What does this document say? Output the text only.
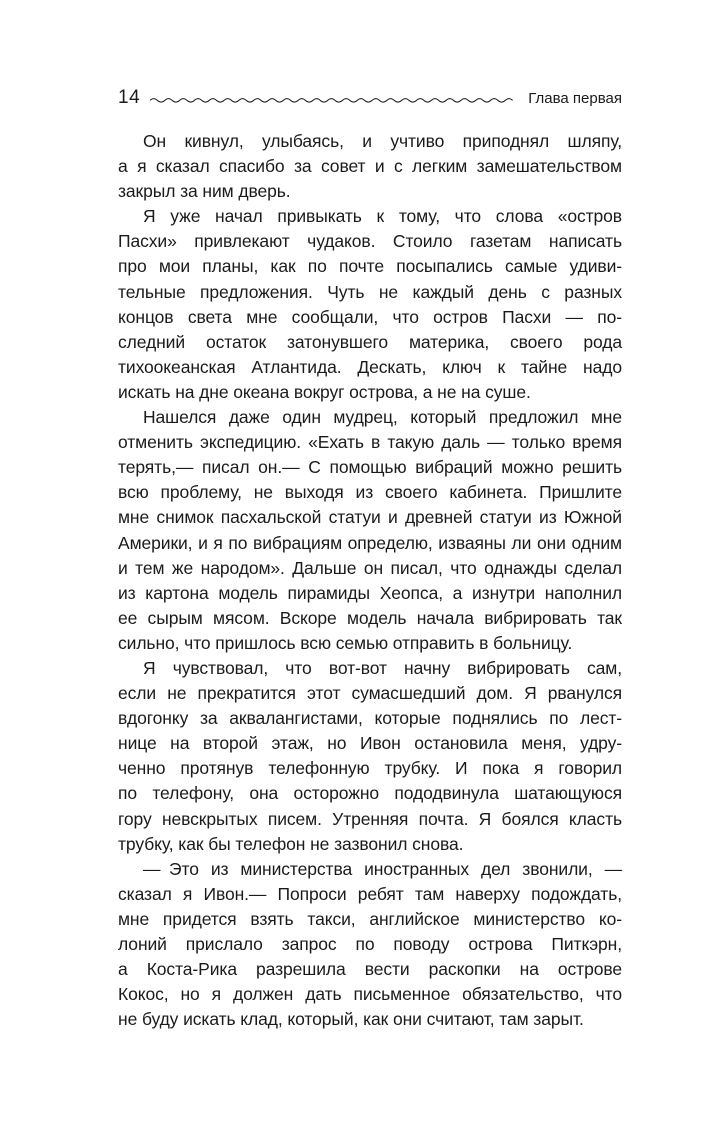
14	Глава первая
Он кивнул, улыбаясь, и учтиво приподнял шляпу,
а я сказал спасибо за совет и с легким замешательством
закрыл за ним дверь.
Я уже начал привыкать к тому, что слова «остров
Пасхи» привлекают чудаков. Стоило газетам написать
про мои планы, как по почте посыпались самые удиви-
тельные предложения. Чуть не каждый день с разных
концов света мне сообщали, что остров Пасхи — по-
следний остаток затонувшего материка, своего рода
тихоокеанская Атлантида. Дескать, ключ к тайне надо
искать на дне океана вокруг острова, а не на суше.
Нашелся даже один мудрец, который предложил мне
отменить экспедицию. «Ехать в такую даль — только время
терять,— писал он.— С помощью вибраций можно решить
всю проблему, не выходя из своего кабинета. Пришлите
мне снимок пасхальской статуи и древней статуи из Южной
Америки, и я по вибрациям определю, изваяны ли они одним
и тем же народом». Дальше он писал, что однажды сделал
из картона модель пирамиды Хеопса, а изнутри наполнил
ее сырым мясом. Вскоре модель начала вибрировать так
сильно, что пришлось всю семью отправить в больницу.
Я чувствовал, что вот-вот начну вибрировать сам,
если не прекратится этот сумасшедший дом. Я рванулся
вдогонку за аквалангистами, которые поднялись по лест-
нице на второй этаж, но Ивон остановила меня, удру-
ченно протянув телефонную трубку. И пока я говорил
по телефону, она осторожно пододвинула шатающуюся
гору невскрытых писем. Утренняя почта. Я боялся класть
трубку, как бы телефон не зазвонил снова.
— Это из министерства иностранных дел звонили, —
сказал я Ивон.— Попроси ребят там наверху подождать,
мне придется взять такси, английское министерство ко-
лоний прислало запрос по поводу острова Питкэрн,
а Коста-Рика разрешила вести раскопки на острове
Кокос, но я должен дать письменное обязательство, что
не буду искать клад, который, как они считают, там зарыт.
